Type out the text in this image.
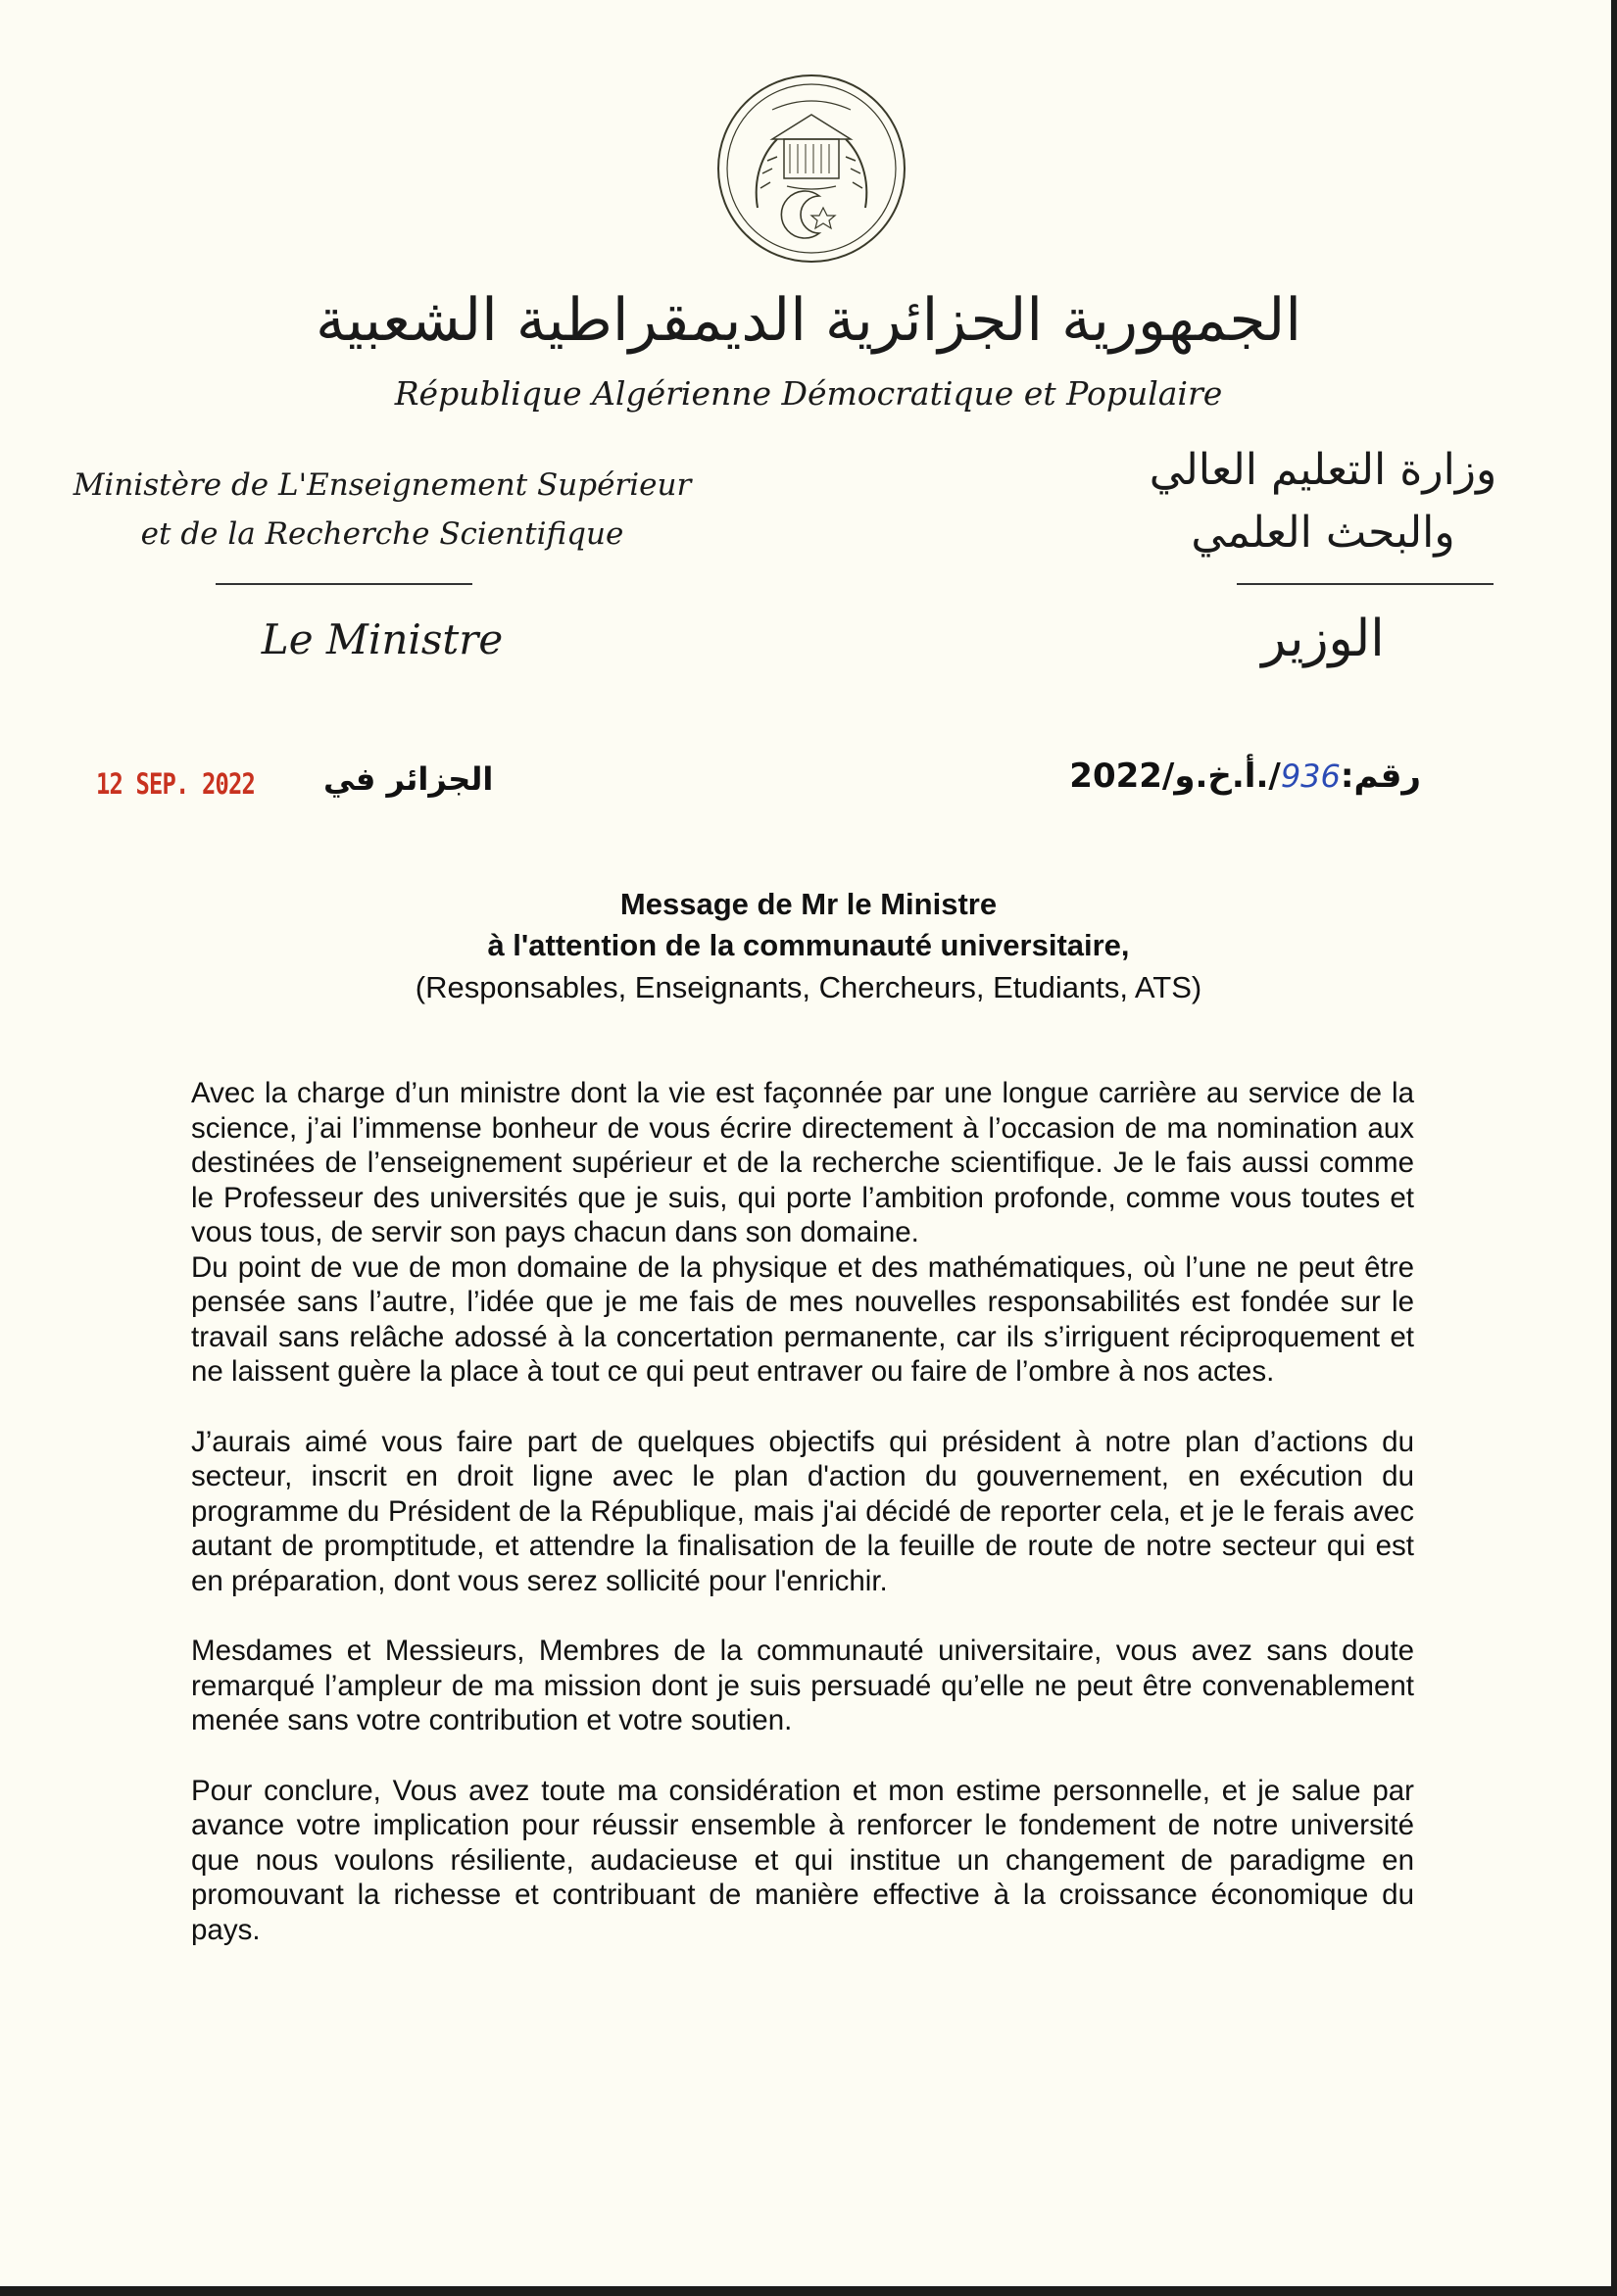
الجمهورية الجزائرية الديمقراطية الشعبية
République Algérienne Démocratique et Populaire
Ministère de L'Enseignement Supérieur
et de la Recherche Scientifique
Le Ministre
وزارة التعليم العالي
والبحث العلمي
الوزير
12 SEP. 2022 الجزائر في	رقم:936/.أ.خ.و/2022
Message de Mr le Ministre
à l'attention de la communauté universitaire,
(Responsables, Enseignants, Chercheurs, Etudiants, ATS)

Avec la charge d’un ministre dont la vie est façonnée par une longue carrière au service de la science, j’ai l’immense bonheur de vous écrire directement à l’occasion de ma nomination aux destinées de l’enseignement supérieur et de la recherche scientifique. Je le fais aussi comme le Professeur des universités que je suis, qui porte l’ambition profonde, comme vous toutes et vous tous, de servir son pays chacun dans son domaine.

Du point de vue de mon domaine de la physique et des mathématiques, où l’une ne peut être pensée sans l’autre, l’idée que je me fais de mes nouvelles responsabilités est fondée sur le travail sans relâche adossé à la concertation permanente, car ils s’irriguent réciproquement et ne laissent guère la place à tout ce qui peut entraver ou faire de l’ombre à nos actes.

J’aurais aimé vous faire part de quelques objectifs qui président à notre plan d’actions du secteur, inscrit en droit ligne avec le plan d'action du gouvernement, en exécution du programme du Président de la République, mais j'ai décidé de reporter cela, et je le ferais avec autant de promptitude, et attendre la finalisation de la feuille de route de notre secteur qui est en préparation, dont vous serez sollicité pour l'enrichir.

Mesdames et Messieurs, Membres de la communauté universitaire, vous avez sans doute remarqué l’ampleur de ma mission dont je suis persuadé qu’elle ne peut être convenablement menée sans votre contribution et votre soutien.

Pour conclure, Vous avez toute ma considération et mon estime personnelle, et je salue par avance votre implication pour réussir ensemble à renforcer le fondement de notre université que nous voulons résiliente, audacieuse et qui institue un changement de paradigme en promouvant la richesse et contribuant de manière effective à la croissance économique du pays.
